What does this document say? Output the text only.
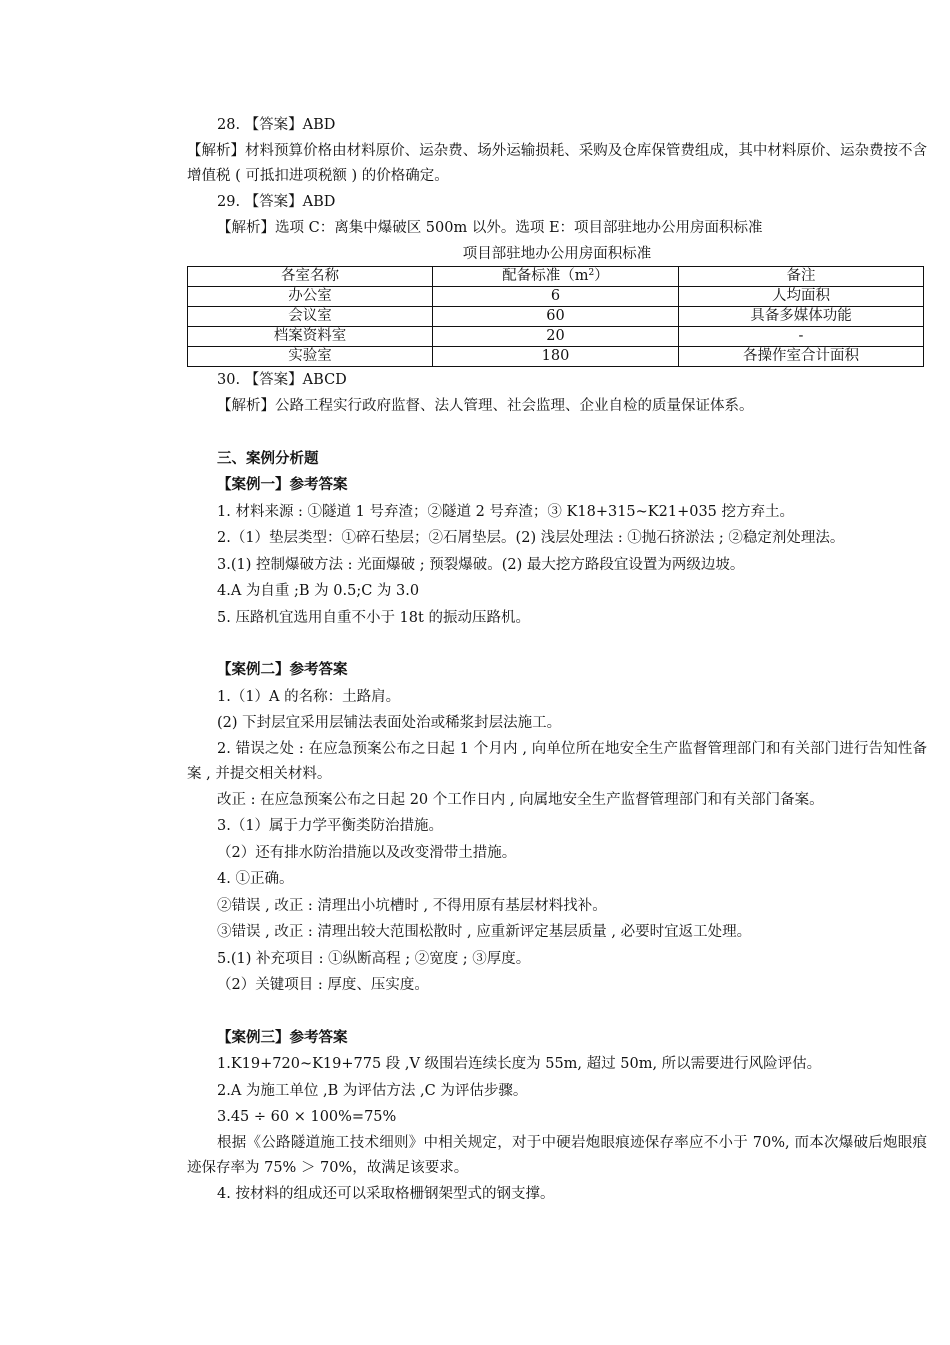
28. 【答案】ABD
【解析】材料预算价格由材料原价、运杂费、场外运输损耗、采购及仓库保管费组成，其中材料原价、运杂费按不含增值税 ( 可抵扣进项税额 ) 的价格确定。
29. 【答案】ABD
【解析】选项 C：离集中爆破区 500m 以外。选项 E：项目部驻地办公用房面积标准
项目部驻地办公用房面积标准
各室名称	配备标准$(m^2)$	备注
办公室	6	人均面积
会议室	60	具备多媒体功能
档案资料室	20	-
实验室	180	各操作室合计面积
30. 【答案】ABCD
【解析】公路工程实行政府监督、法人管理、社会监理、企业自检的质量保证体系。
三、案例分析题
【案例一】参考答案
1. 材料来源 : ①隧道 1 号弃渣；②隧道 2 号弃渣；③ K18+315~K21+035 挖方弃土。
2.（1）垫层类型：①碎石垫层；②石屑垫层。(2) 浅层处理法 : ①抛石挤淤法 ; ②稳定剂处理法。
3.(1) 控制爆破方法 : 光面爆破 ; 预裂爆破。(2) 最大挖方路段宜设置为两级边坡。
4.A 为自重 ;B 为 0.5;C 为 3.0
5. 压路机宜选用自重不小于 18t 的振动压路机。
【案例二】参考答案
1.（1）A 的名称：土路肩。
(2) 下封层宜采用层铺法表面处治或稀浆封层法施工。
2. 错误之处 : 在应急预案公布之日起 1 个月内 , 向单位所在地安全生产监督管理部门和有关部门进行告知性备案 , 并提交相关材料。
改正 : 在应急预案公布之日起 20 个工作日内 , 向属地安全生产监督管理部门和有关部门备案。
3.（1）属于力学平衡类防治措施。
（2）还有排水防治措施以及改变滑带土措施。
4. ①正确。
②错误 , 改正 : 清理出小坑槽时 , 不得用原有基层材料找补。
③错误 , 改正 : 清理出较大范围松散时 , 应重新评定基层质量 , 必要时宜返工处理。
5.(1) 补充项目 : ①纵断高程 ; ②宽度 ; ③厚度。
（2）关键项目 : 厚度、压实度。
【案例三】参考答案
1.K19+720~K19+775 段 ,V 级围岩连续长度为 55m, 超过 50m, 所以需要进行风险评估。
2.A 为施工单位 ,B 为评估方法 ,C 为评估步骤。
3.45 ÷ 60 × 100%=75%
根据《公路隧道施工技术细则》中相关规定，对于中硬岩炮眼痕迹保存率应不小于 70%, 而本次爆破后炮眼痕迹保存率为 75% ＞ 70%，故满足该要求。
4. 按材料的组成还可以采取格栅钢架型式的钢支撑。
